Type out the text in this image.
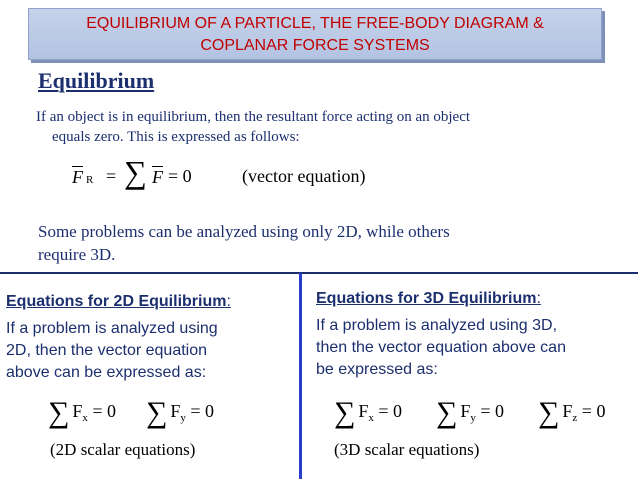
EQUILIBRIUM OF A PARTICLE, THE FREE-BODY DIAGRAM &
COPLANAR FORCE SYSTEMS
Equilibrium
If an object is in equilibrium, then the resultant force acting on an object
equals zero. This is expressed as follows:
F R = ∑ F = 0	(vector equation)
Some problems can be analyzed using only 2D, while others
require 3D.
Equations for 2D Equilibrium:
If a problem is analyzed using
2D, then the vector equation
above can be expressed as:
∑ $F_x = 0$ ∑ $F_y = 0$
(2D scalar equations)
Equations for 3D Equilibrium:
If a problem is analyzed using 3D,
then the vector equation above can
be expressed as:
∑ $F_x = 0$ ∑ $F_y = 0$ ∑ $F_z = 0$
(3D scalar equations)
